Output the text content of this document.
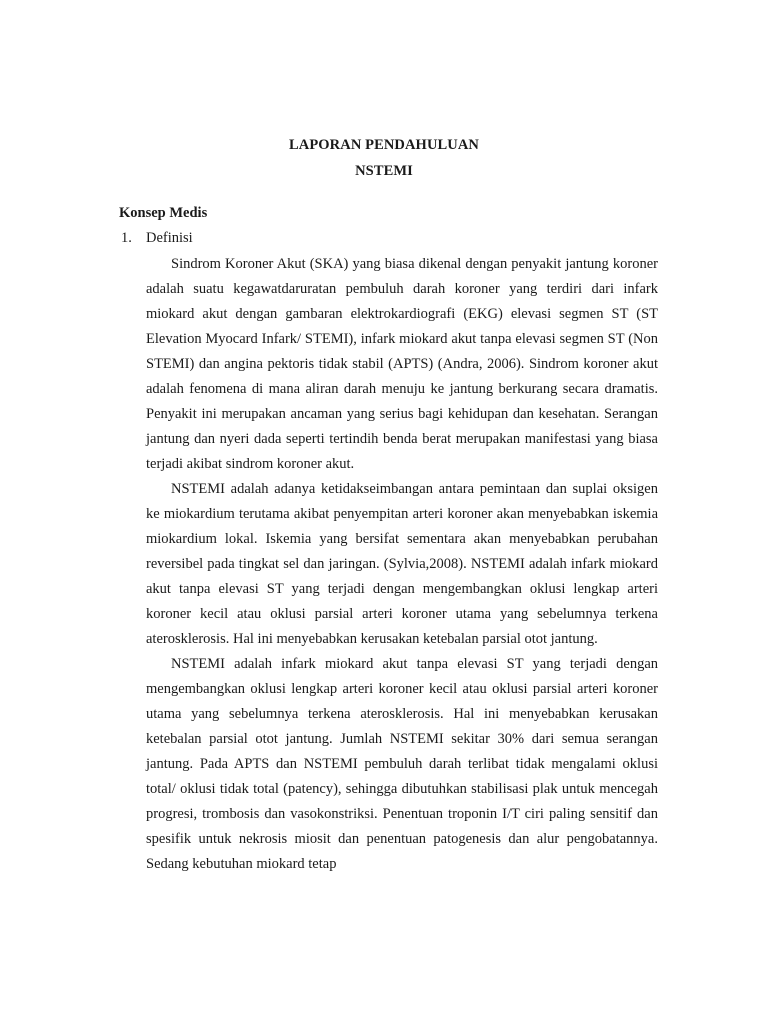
LAPORAN PENDAHULUAN
NSTEMI
Konsep Medis
1. Definisi

Sindrom Koroner Akut (SKA) yang biasa dikenal dengan penyakit jantung koroner adalah suatu kegawatdaruratan pembuluh darah koroner yang terdiri dari infark miokard akut dengan gambaran elektrokardiografi (EKG) elevasi segmen ST (ST Elevation Myocard Infark/ STEMI), infark miokard akut tanpa elevasi segmen ST (Non STEMI) dan angina pektoris tidak stabil (APTS) (Andra, 2006). Sindrom koroner akut adalah fenomena di mana aliran darah menuju ke jantung berkurang secara dramatis. Penyakit ini merupakan ancaman yang serius bagi kehidupan dan kesehatan. Serangan jantung dan nyeri dada seperti tertindih benda berat merupakan manifestasi yang biasa terjadi akibat sindrom koroner akut.

NSTEMI adalah adanya ketidakseimbangan antara pemintaan dan suplai oksigen ke miokardium terutama akibat penyempitan arteri koroner akan menyebabkan iskemia miokardium lokal. Iskemia yang bersifat sementara akan menyebabkan perubahan reversibel pada tingkat sel dan jaringan. (Sylvia,2008). NSTEMI adalah infark miokard akut tanpa elevasi ST yang terjadi dengan mengembangkan oklusi lengkap arteri koroner kecil atau oklusi parsial arteri koroner utama yang sebelumnya terkena aterosklerosis. Hal ini menyebabkan kerusakan ketebalan parsial otot jantung.

NSTEMI adalah infark miokard akut tanpa elevasi ST yang terjadi dengan mengembangkan oklusi lengkap arteri koroner kecil atau oklusi parsial arteri koroner utama yang sebelumnya terkena aterosklerosis. Hal ini menyebabkan kerusakan ketebalan parsial otot jantung. Jumlah NSTEMI sekitar 30% dari semua serangan jantung. Pada APTS dan NSTEMI pembuluh darah terlibat tidak mengalami oklusi total/ oklusi tidak total (patency), sehingga dibutuhkan stabilisasi plak untuk mencegah progresi, trombosis dan vasokonstriksi. Penentuan troponin I/T ciri paling sensitif dan spesifik untuk nekrosis miosit dan penentuan patogenesis dan alur pengobatannya. Sedang kebutuhan miokard tetap
